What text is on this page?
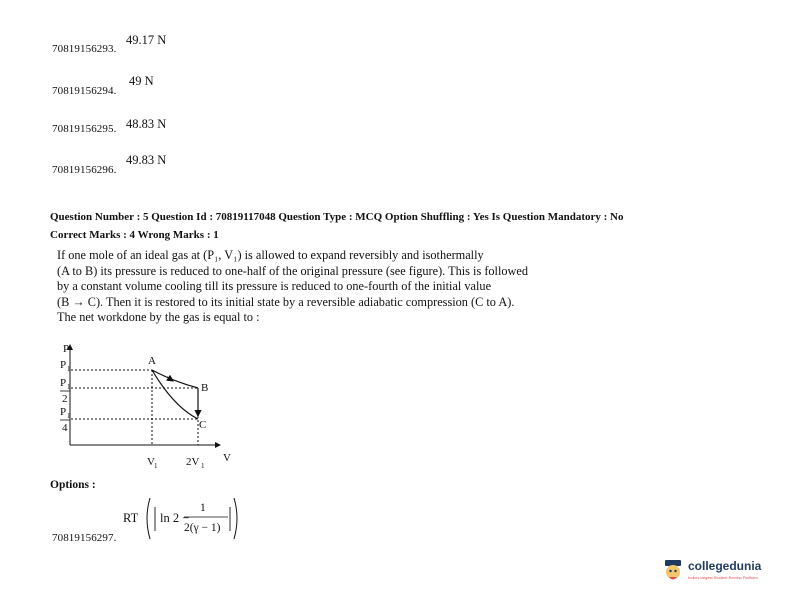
49.17 N
70819156293.
49 N
70819156294.
48.83 N
70819156295.
49.83 N
70819156296.
Question Number : 5 Question Id : 70819117048 Question Type : MCQ Option Shuffling : Yes Is Question Mandatory : No
Correct Marks : 4 Wrong Marks : 1
If one mole of an ideal gas at (P₁, V₁) is allowed to expand reversibly and isothermally
(A to B) its pressure is reduced to one-half of the original pressure (see figure). This is followed
by a constant volume cooling till its pressure is reduced to one-fourth of the initial value
(B → C). Then it is restored to its initial state by a reversible adiabatic compression (C to A).
The net workdone by the gas is equal to :
P
V
P 1
P 1
2
P 1
4
A
B
C
V 1	2V 1
Options :
RT ln 2 −
1
2(γ − 1)
70819156297.
collegedunia
India's largest Student Review Platform
